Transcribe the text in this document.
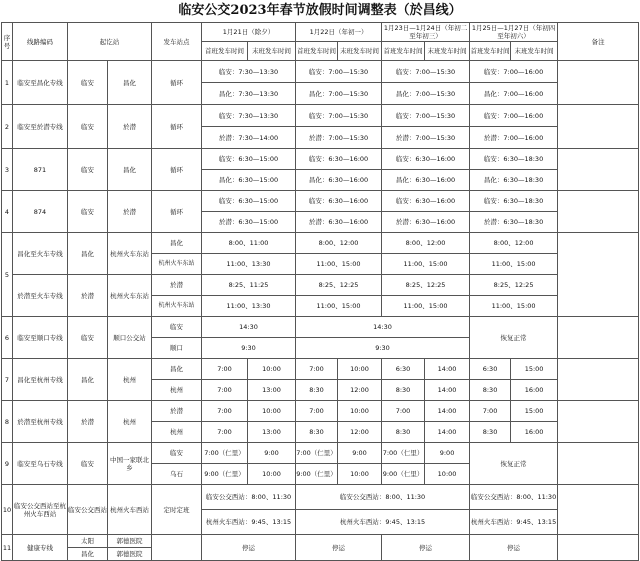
临安公交2023年春节放假时间调整表（於昌线）
序号	线路编码	起讫站		发车站点	1月21日（除夕）		1月22日（年初一）		1月23日—1月24日（年初二至年初三）		1月25日—1月27日（年初四至年初六）		备注
					首班发车时间	末班发车时间	首班发车时间	末班发车时间	首班发车时间	末班发车时间	首班发车时间	末班发车时间	
1	临安至昌化专线	临安	昌化	循环	临安：7:30—13:30		临安：7:00—15:30		临安：7:00—15:30		临安：7:00—16:00		
					昌化：7:30—13:30		昌化：7:00—15:30		昌化：7:00—15:30		昌化：7:00—16:00		
2	临安至於潜专线	临安	於潜	循环	临安：7:30—13:30		临安：7:00—15:30		临安：7:00—15:30		临安：7:00—16:00		
					於潜：7:30—14:00		於潜：7:00—15:30		於潜：7:00—15:30		於潜：7:00—16:00		
3	871	临安	昌化	循环	临安：6:30—15:00		临安：6:30—16:00		临安：6:30—16:00		临安：6:30—18:30		
					昌化：6:30—15:00		昌化：6:30—16:00		昌化：6:30—16:00		昌化：6:30—18:30		
4	874	临安	於潜	循环	临安：6:30—15:00		临安：6:30—16:00		临安：6:30—16:00		临安：6:30—18:30		
					於潜：6:30—15:00		於潜：6:30—16:00		於潜：6:30—16:00		於潜：6:30—18:30		
5	昌化至火车专线	昌化	杭州火车东站	昌化	8:00、11:00		8:00、12:00		8:00、12:00		8:00、12:00		
				杭州火车东站	11:00、13:30		11:00、15:00		11:00、15:00		11:00、15:00		
	於潜至火车专线	於潜	杭州火车东站	於潜	8:25、11:25		8:25、12:25		8:25、12:25		8:25、12:25		
				杭州火车东站	11:00、13:30		11:00、15:00		11:00、15:00		11:00、15:00		
6	临安至顺口专线	临安	顺口公交站	临安	14:30		14:30				恢复正常		
				顺口	9:30		9:30						
7	昌化至杭州专线	昌化	杭州	昌化	7:00	10:00	7:00	10:00	6:30	14:00	6:30	15:00	
				杭州	7:00	13:00	8:30	12:00	8:30	14:00	8:30	16:00	
8	於潜至杭州专线	於潜	杭州	於潜	7:00	10:00	7:00	10:00	7:00	14:00	7:00	15:00	
				杭州	7:00	13:00	8:30	12:00	8:30	14:00	8:30	16:00	
9	临安至乌石专线	临安	中国一家联北乡	临安	7:00（仁里）	9:00	7:00（仁里）	9:00	7:00（仁里）	9:00	恢复正常		
				乌石	9:00（仁里）	10:00	9:00（仁里）	10:00	9:00（仁里）	10:00			
10	临安公交西站至杭州火车西站	临安公交西站	杭州火车西站	定时定班	临安公交西站：8:00、11:30		临安公交西站：8:00、11:30				临安公交西站：8:00、11:30		
					杭州火车西站：9:45、13:15		杭州火车西站：9:45、13:15				杭州火车西站：9:45、13:15		
11	健康专线	太阳	郭德医院		停运		停运		停运		停运		
		昌化	郭德医院										
